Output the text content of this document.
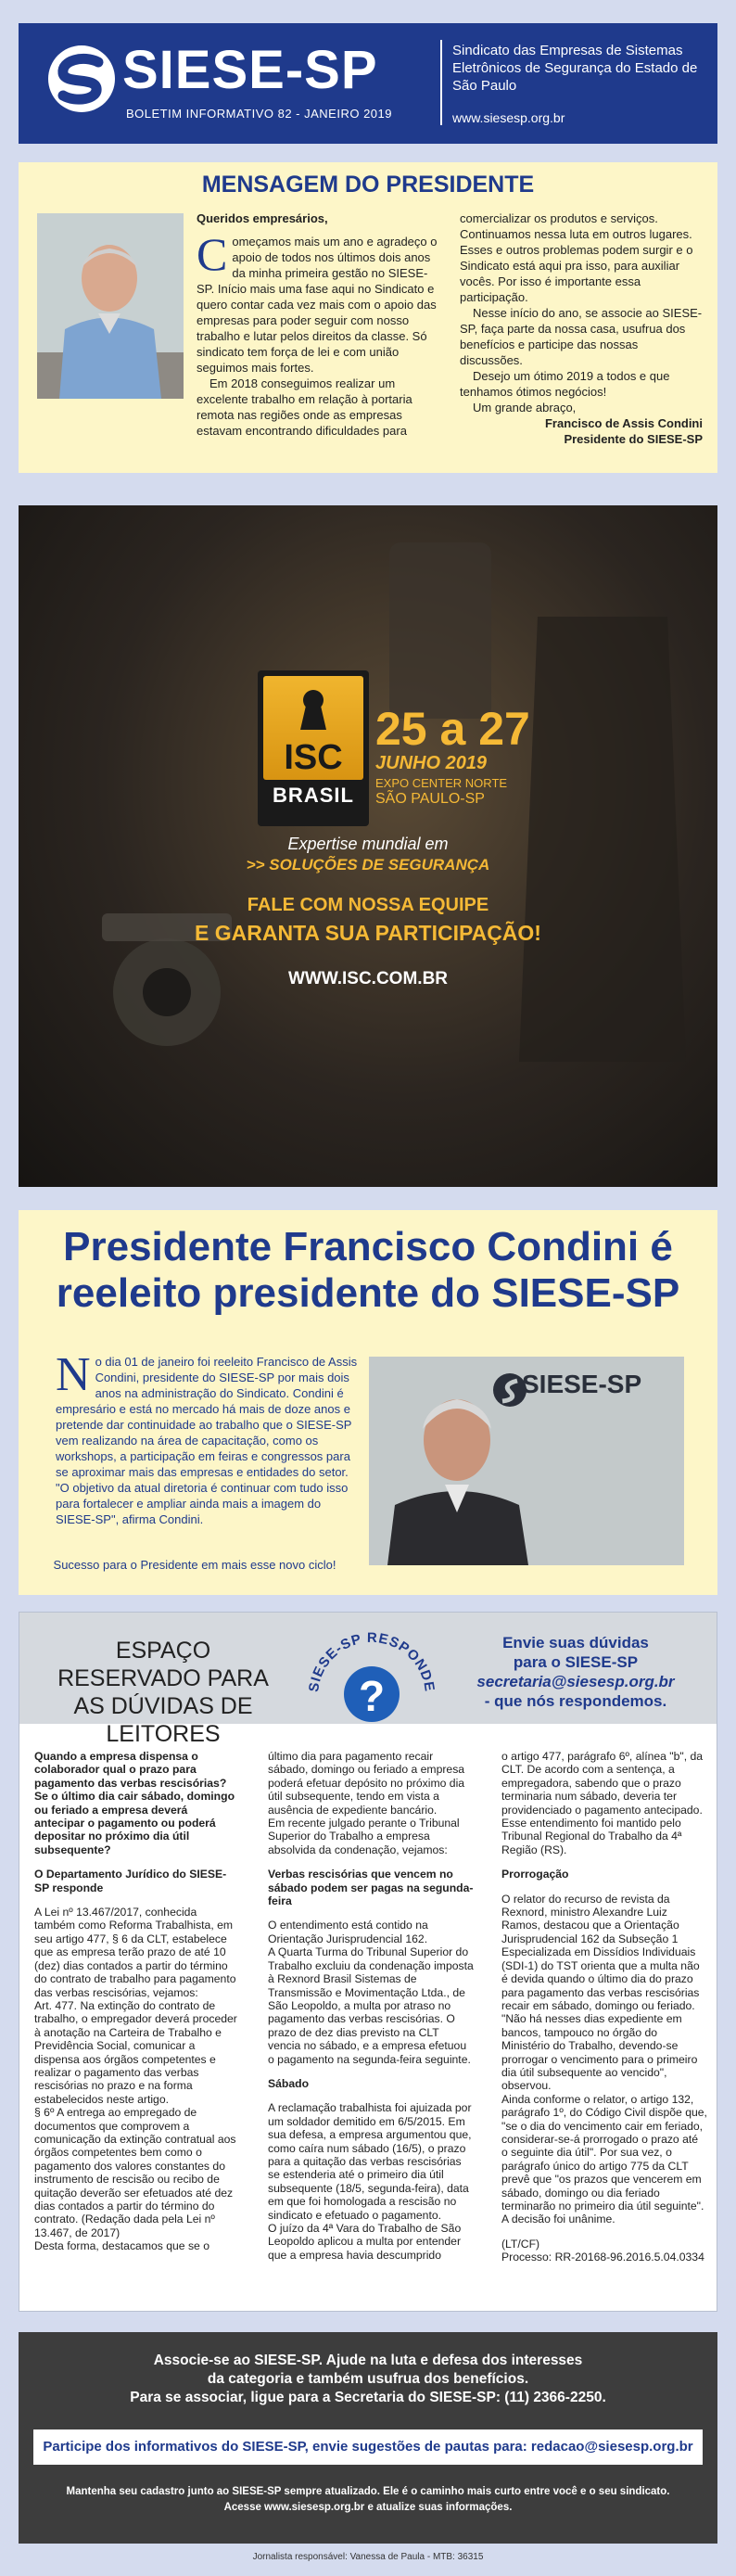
SIESE-SP
BOLETIM INFORMATIVO 82 - JANEIRO 2019
Sindicato das Empresas de Sistemas Eletrônicos de Segurança do Estado de São Paulo
www.siesesp.org.br
MENSAGEM DO PRESIDENTE

Queridos empresários,

Começamos mais um ano e agradeço o apoio de todos nos últimos dois anos da minha primeira gestão no SIESE-SP. Início mais uma fase aqui no Sindicato e quero contar cada vez mais com o apoio das empresas para poder seguir com nosso trabalho e lutar pelos direitos da classe. Só sindicato tem força de lei e com união seguimos mais fortes.

Em 2018 conseguimos realizar um excelente trabalho em relação à portaria remota nas regiões onde as empresas estavam encontrando dificuldades para

comercializar os produtos e serviços. Continuamos nessa luta em outros lugares. Esses e outros problemas podem surgir e o Sindicato está aqui pra isso, para auxiliar vocês. Por isso é importante essa participação.

Nesse início do ano, se associe ao SIESE-SP, faça parte da nossa casa, usufrua dos benefícios e participe das nossas discussões.

Desejo um ótimo 2019 a todos e que tenhamos ótimos negócios!

Um grande abraço,

Francisco de Assis Condini

Presidente do SIESE-SP

ISC
BRASIL
25 a 27
JUNHO 2019
EXPO CENTER NORTE
SÃO PAULO-SP
Expertise mundial em
>> SOLUÇÕES DE SEGURANÇA
FALE COM NOSSA EQUIPE
E GARANTA SUA PARTICIPAÇÃO!
WWW.ISC.COM.BR
Presidente Francisco Condini é
reeleito presidente do SIESE-SP
No dia 01 de janeiro foi reeleito Francisco de Assis Condini, presidente do SIESE-SP por mais dois anos na administração do Sindicato. Condini é empresário e está no mercado há mais de doze anos e pretende dar continuidade ao trabalho que o SIESE-SP vem realizando na área de capacitação, como os workshops, a participação em feiras e congressos para se aproximar mais das empresas e entidades do setor. "O objetivo da atual diretoria é continuar com tudo isso para fortalecer e ampliar ainda mais a imagem do SIESE-SP", afirma Condini.
SIESE-SP
Sucesso para o Presidente em mais esse novo ciclo!
ESPAÇO RESERVADO PARA AS DÚVIDAS DE LEITORES
SIESE-SP RESPONDE
?
Envie suas dúvidas
para o SIESE-SP
secretaria@siesesp.org.br
- que nós respondemos.
Quando a empresa dispensa o colaborador qual o prazo para pagamento das verbas rescisórias? Se o último dia cair sábado, domingo ou feriado a empresa deverá antecipar o pagamento ou poderá depositar no próximo dia útil subsequente?
O Departamento Jurídico do SIESE-SP responde

A Lei nº 13.467/2017, conhecida também como Reforma Trabalhista, em seu artigo 477, § 6 da CLT, estabelece que as empresa terão prazo de até 10 (dez) dias contados a partir do término do contrato de trabalho para pagamento das verbas rescisórias, vejamos:

Art. 477. Na extinção do contrato de trabalho, o empregador deverá proceder à anotação na Carteira de Trabalho e Previdência Social, comunicar a dispensa aos órgãos competentes e realizar o pagamento das verbas rescisórias no prazo e na forma estabelecidos neste artigo.

§ 6º A entrega ao empregado de documentos que comprovem a comunicação da extinção contratual aos órgãos competentes bem como o pagamento dos valores constantes do instrumento de rescisão ou recibo de quitação deverão ser efetuados até dez dias contados a partir do término do contrato. (Redação dada pela Lei nº 13.467, de 2017)

Desta forma, destacamos que se o

último dia para pagamento recair sábado, domingo ou feriado a empresa poderá efetuar depósito no próximo dia útil subsequente, tendo em vista a ausência de expediente bancário.

Em recente julgado perante o Tribunal Superior do Trabalho a empresa absolvida da condenação, vejamos:

Verbas rescisórias que vencem no sábado podem ser pagas na segunda-feira

O entendimento está contido na Orientação Jurisprudencial 162.

A Quarta Turma do Tribunal Superior do Trabalho excluiu da condenação imposta à Rexnord Brasil Sistemas de Transmissão e Movimentação Ltda., de São Leopoldo, a multa por atraso no pagamento das verbas rescisórias. O prazo de dez dias previsto na CLT vencia no sábado, e a empresa efetuou o pagamento na segunda-feira seguinte.

Sábado

A reclamação trabalhista foi ajuizada por um soldador demitido em 6/5/2015. Em sua defesa, a empresa argumentou que, como caíra num sábado (16/5), o prazo para a quitação das verbas rescisórias se estenderia até o primeiro dia útil subsequente (18/5, segunda-feira), data em que foi homologada a rescisão no sindicato e efetuado o pagamento.

O juízo da 4ª Vara do Trabalho de São Leopoldo aplicou a multa por entender que a empresa havia descumprido

o artigo 477, parágrafo 6º, alínea "b", da CLT. De acordo com a sentença, a empregadora, sabendo que o prazo terminaria num sábado, deveria ter providenciado o pagamento antecipado. Esse entendimento foi mantido pelo Tribunal Regional do Trabalho da 4ª Região (RS).

Prorrogação

O relator do recurso de revista da Rexnord, ministro Alexandre Luiz Ramos, destacou que a Orientação Jurisprudencial 162 da Subseção 1 Especializada em Dissídios Individuais (SDI-1) do TST orienta que a multa não é devida quando o último dia do prazo para pagamento das verbas rescisórias recair em sábado, domingo ou feriado. "Não há nesses dias expediente em bancos, tampouco no órgão do Ministério do Trabalho, devendo-se prorrogar o vencimento para o primeiro dia útil subsequente ao vencido", observou.

Ainda conforme o relator, o artigo 132, parágrafo 1º, do Código Civil dispõe que, "se o dia do vencimento cair em feriado, considerar-se-á prorrogado o prazo até o seguinte dia útil". Por sua vez, o parágrafo único do artigo 775 da CLT prevê que "os prazos que vencerem em sábado, domingo ou dia feriado terminarão no primeiro dia útil seguinte". A decisão foi unânime.

(LT/CF)

Processo: RR-20168-96.2016.5.04.0334

Associe-se ao SIESE-SP. Ajude na luta e defesa dos interesses
da categoria e também usufrua dos benefícios.
Para se associar, ligue para a Secretaria do SIESE-SP: (11) 2366-2250.
Participe dos informativos do SIESE-SP, envie sugestões de pautas para: redacao@siesesp.org.br
Mantenha seu cadastro junto ao SIESE-SP sempre atualizado. Ele é o caminho mais curto entre você e o seu sindicato.
Acesse www.siesesp.org.br e atualize suas informações.
Jornalista responsável: Vanessa de Paula - MTB: 36315
